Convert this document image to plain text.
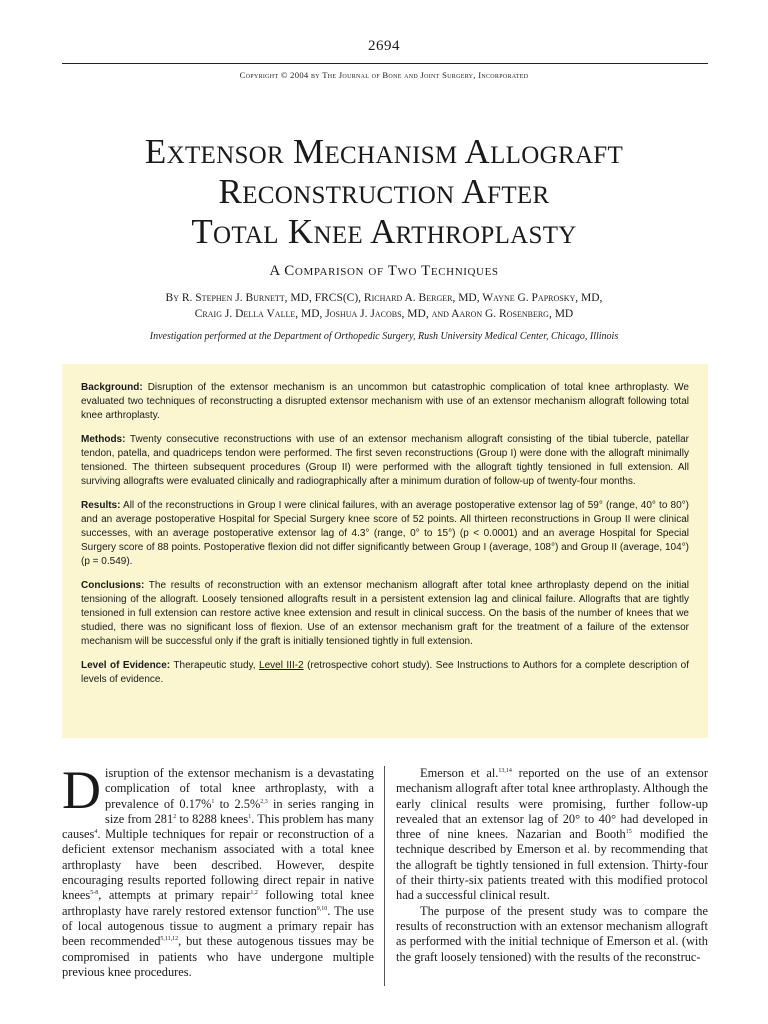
2694
Copyright © 2004 by The Journal of Bone and Joint Surgery, Incorporated
Extensor Mechanism Allograft
Reconstruction After
Total Knee Arthroplasty
A Comparison of Two Techniques
By R. Stephen J. Burnett, MD, FRCS(C), Richard A. Berger, MD, Wayne G. Paprosky, MD,
Craig J. Della Valle, MD, Joshua J. Jacobs, MD, and Aaron G. Rosenberg, MD
Investigation performed at the Department of Orthopedic Surgery, Rush University Medical Center, Chicago, Illinois

Background: Disruption of the extensor mechanism is an uncommon but catastrophic complication of total knee arthroplasty. We evaluated two techniques of reconstructing a disrupted extensor mechanism with use of an extensor mechanism allograft following total knee arthroplasty.

Methods: Twenty consecutive reconstructions with use of an extensor mechanism allograft consisting of the tibial tubercle, patellar tendon, patella, and quadriceps tendon were performed. The first seven reconstructions (Group I) were done with the allograft minimally tensioned. The thirteen subsequent procedures (Group II) were performed with the allograft tightly tensioned in full extension. All surviving allografts were evaluated clinically and radiographically after a minimum duration of follow-up of twenty-four months.

Results: All of the reconstructions in Group I were clinical failures, with an average postoperative extensor lag of 59° (range, 40° to 80°) and an average postoperative Hospital for Special Surgery knee score of 52 points. All thirteen reconstructions in Group II were clinical successes, with an average postoperative extensor lag of 4.3° (range, 0° to 15°) (p < 0.0001) and an average Hospital for Special Surgery score of 88 points. Postoperative flexion did not differ significantly between Group I (average, 108°) and Group II (average, 104°) (p = 0.549).

Conclusions: The results of reconstruction with an extensor mechanism allograft after total knee arthroplasty depend on the initial tensioning of the allograft. Loosely tensioned allografts result in a persistent extension lag and clinical failure. Allografts that are tightly tensioned in full extension can restore active knee extension and result in clinical success. On the basis of the number of knees that we studied, there was no significant loss of flexion. Use of an extensor mechanism graft for the treatment of a failure of the extensor mechanism will be successful only if the graft is initially tensioned tightly in full extension.

Level of Evidence: Therapeutic study, Level III-2 (retrospective cohort study). See Instructions to Authors for a complete description of levels of evidence.

Disruption of the extensor mechanism is a devastating complication of total knee arthroplasty, with a prevalence of 0.17%$^1$ to 2.5%$^{2,3}$ in series ranging in size from $281^2$ to 8288 knees$^1$. This problem has many causes$^4$. Multiple techniques for repair or reconstruction of a deficient extensor mechanism associated with a total knee arthroplasty have been described. However, despite encouraging results reported following direct repair in native knees$^{5-8}$, attempts at primary repair$^{1,2}$ following total knee arthroplasty have rarely restored extensor function$^{9,10}$. The use of local autogenous tissue to augment a primary repair has been recommended$^{5,11,12}$, but these autogenous tissues may be compromised in patients who have undergone multiple previous knee procedures.

Emerson et al.$^{13,14}$ reported on the use of an extensor mechanism allograft after total knee arthroplasty. Although the early clinical results were promising, further follow-up revealed that an extensor lag of 20° to 40° had developed in three of nine knees. Nazarian and Booth$^{15}$ modified the technique described by Emerson et al. by recommending that the allograft be tightly tensioned in full extension. Thirty-four of their thirty-six patients treated with this modified protocol had a successful clinical result.

The purpose of the present study was to compare the results of reconstruction with an extensor mechanism allograft as performed with the initial technique of Emerson et al. (with the graft loosely tensioned) with the results of the reconstruc-
